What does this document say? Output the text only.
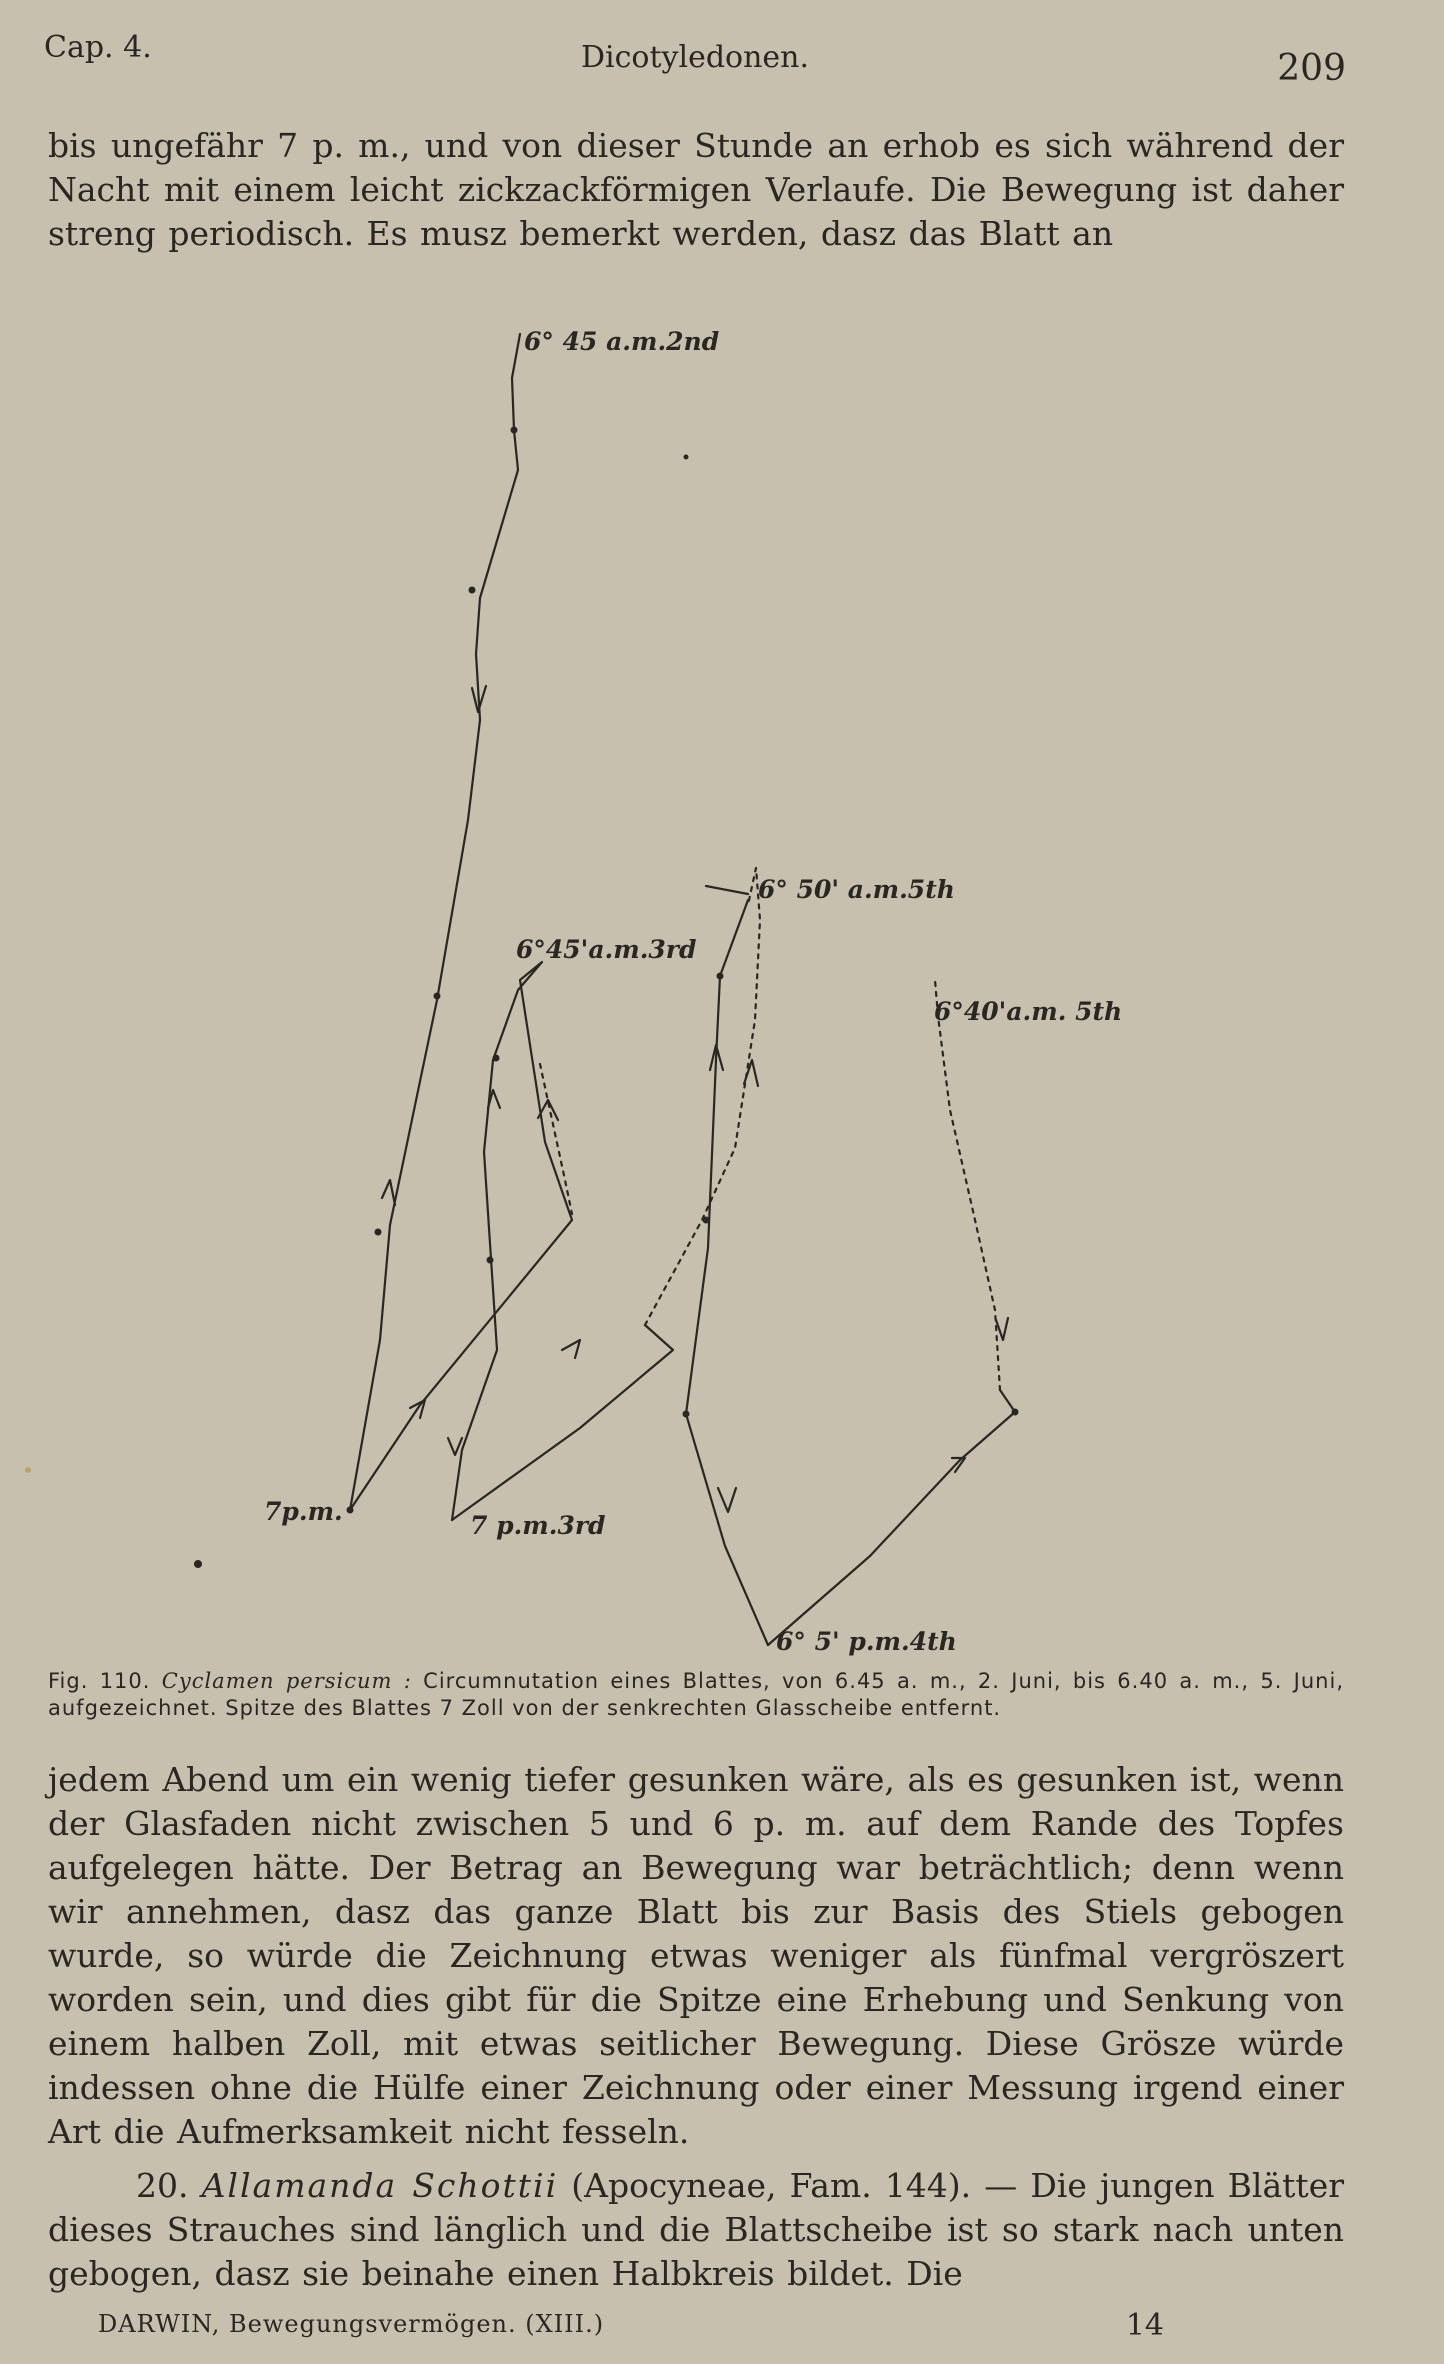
Cap. 4.	Dicotyledonen.	209
bis ungefähr 7 p. m., und von dieser Stunde an erhob es sich während der Nacht mit einem leicht zickzackförmigen Verlaufe. Die Bewegung ist daher streng periodisch. Es musz bemerkt werden, dasz das Blatt an
6° 45 a.m.2nd
6°45'a.m.3rd
6° 50' a.m.5th
6°40'a.m. 5th
7p.m.	7 p.m.3rd
6° 5' p.m.4th
Fig. 110. Cyclamen persicum : Circumnutation eines Blattes, von 6.45 a. m., 2. Juni, bis 6.40 a. m., 5. Juni, aufgezeichnet. Spitze des Blattes 7 Zoll von der senkrechten Glasscheibe entfernt.
jedem Abend um ein wenig tiefer gesunken wäre, als es gesunken ist, wenn der Glasfaden nicht zwischen 5 und 6 p. m. auf dem Rande des Topfes aufgelegen hätte. Der Betrag an Bewegung war beträchtlich; denn wenn wir annehmen, dasz das ganze Blatt bis zur Basis des Stiels gebogen wurde, so würde die Zeichnung etwas weniger als fünfmal vergröszert worden sein, und dies gibt für die Spitze eine Erhebung und Senkung von einem halben Zoll, mit etwas seitlicher Bewegung. Diese Grösze würde indessen ohne die Hülfe einer Zeichnung oder einer Messung irgend einer Art die Aufmerksamkeit nicht fesseln.
20. Allamanda Schottii (Apocyneae, Fam. 144). — Die jungen Blätter dieses Strauches sind länglich und die Blattscheibe ist so stark nach unten gebogen, dasz sie beinahe einen Halbkreis bildet. Die
DARWIN, Bewegungsvermögen. (XIII.)	14
